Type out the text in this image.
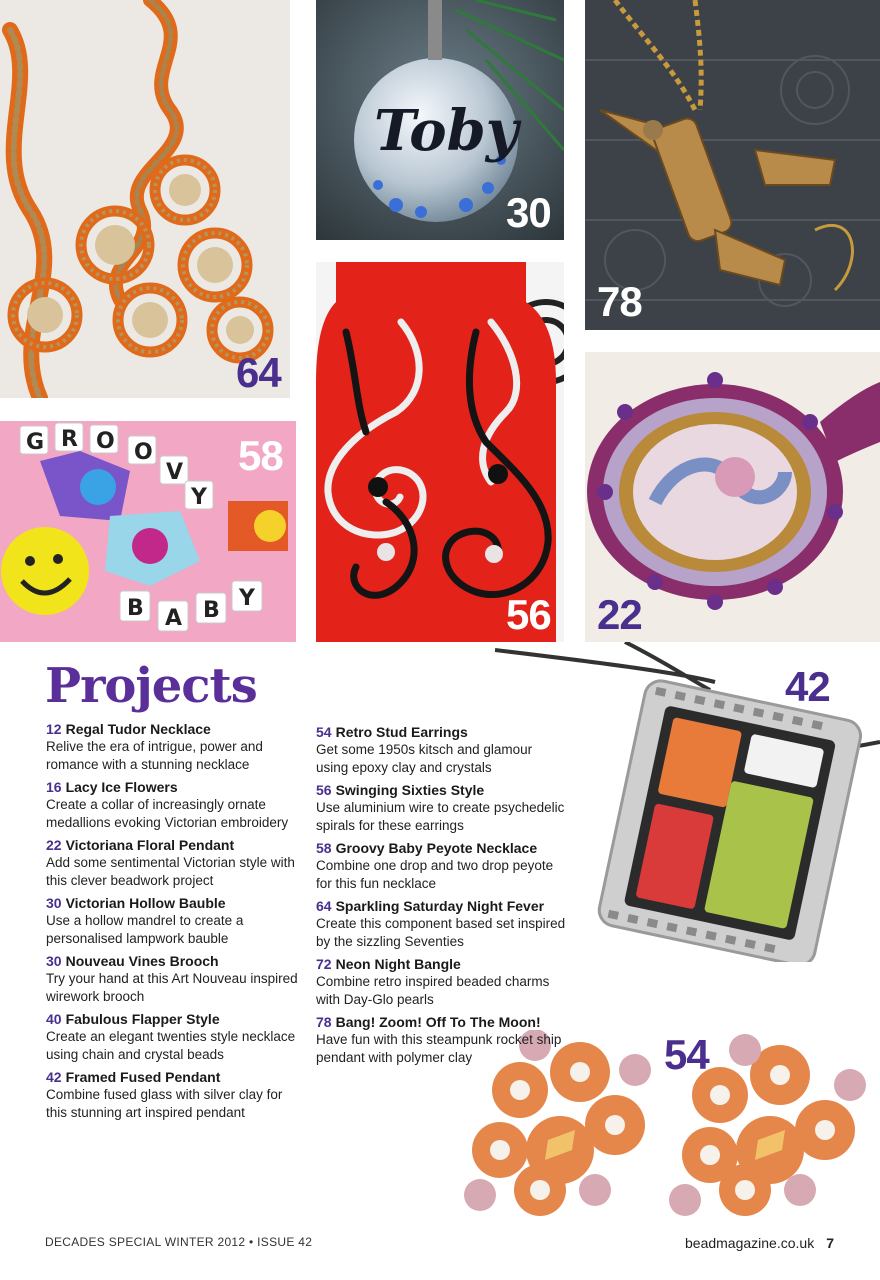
64
Toby
30
78
G R O O
V
Y
B A B Y
58
56 22
42
54
Projects
12 Regal Tudor Necklace
Relive the era of intrigue, power and romance with a stunning necklace
16 Lacy Ice Flowers
Create a collar of increasingly ornate medallions evoking Victorian embroidery
22 Victoriana Floral Pendant
Add some sentimental Victorian style with this clever beadwork project
30 Victorian Hollow Bauble
Use a hollow mandrel to create a personalised lampwork bauble
30 Nouveau Vines Brooch
Try your hand at this Art Nouveau inspired wirework brooch
40 Fabulous Flapper Style
Create an elegant twenties style necklace using chain and crystal beads
42 Framed Fused Pendant
Combine fused glass with silver clay for this stunning art inspired pendant
54 Retro Stud Earrings
Get some 1950s kitsch and glamour using epoxy clay and crystals
56 Swinging Sixties Style
Use aluminium wire to create psychedelic spirals for these earrings
58 Groovy Baby Peyote Necklace
Combine one drop and two drop peyote for this fun necklace
64 Sparkling Saturday Night Fever
Create this component based set inspired by the sizzling Seventies
72 Neon Night Bangle
Combine retro inspired beaded charms with Day-Glo pearls
78 Bang! Zoom! Off To The Moon!
Have fun with this steampunk rocket ship pendant with polymer clay
DECADES SPECIAL WINTER 2012 • ISSUE 42	beadmagazine.co.uk 7
